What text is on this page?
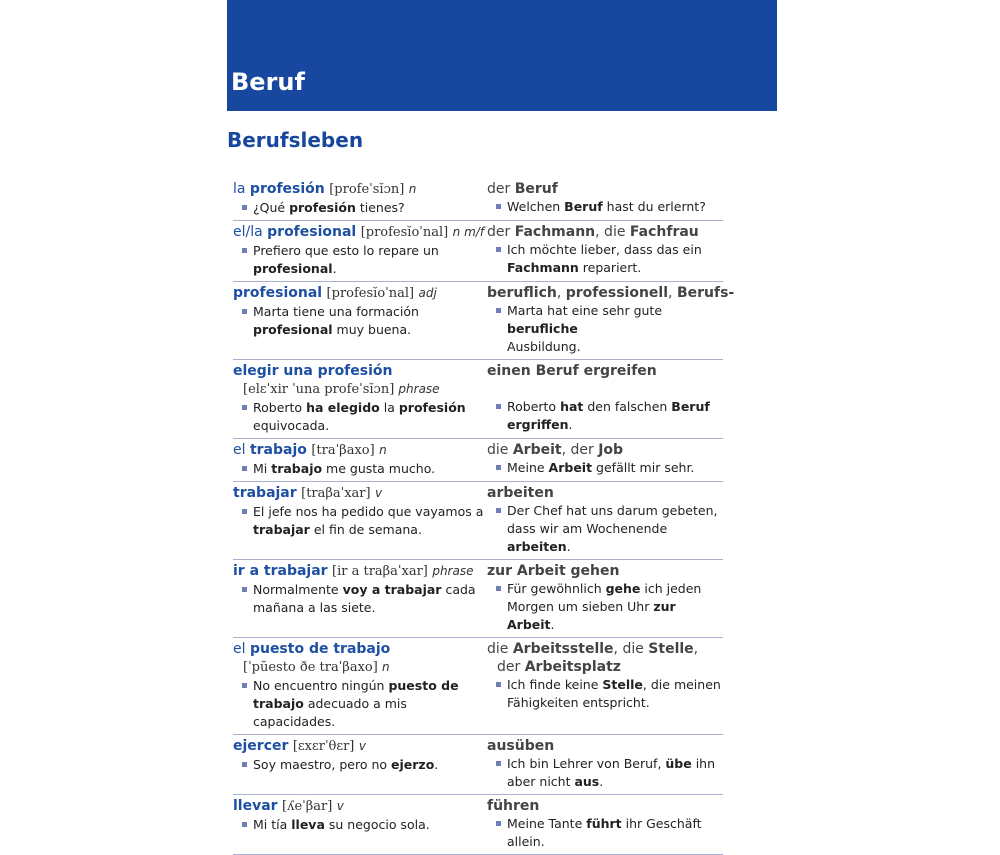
Beruf
Berufsleben
la profesión [profeˈsĭɔn] n
¿Qué profesión tienes?
der Beruf
Welchen Beruf hast du erlernt?
el/la profesional [profesĭoˈnal] n m/f
Prefiero que esto lo repare un
profesional.
der Fachmann, die Fachfrau
Ich möchte lieber, dass das ein
Fachmann repariert.
profesional [profesĭoˈnal] adj
Marta tiene una formación
profesional muy buena.
beruflich, professionell, Berufs-
Marta hat eine sehr gute berufliche
Ausbildung.
elegir una profesión
[elɛˈxir ˈuna profeˈsĭɔn] phrase
Roberto ha elegido la profesión
equivocada.
einen Beruf ergreifen
Roberto hat den falschen Beruf
ergriffen.
el trabajo [traˈβaxo] n
Mi trabajo me gusta mucho.
die Arbeit, der Job
Meine Arbeit gefällt mir sehr.
trabajar [traβaˈxar] v
El jefe nos ha pedido que vayamos a
trabajar el fin de semana.
arbeiten
Der Chef hat uns darum gebeten,
dass wir am Wochenende arbeiten.
ir a trabajar [ir a traβaˈxar] phrase
Normalmente voy a trabajar cada
mañana a las siete.
zur Arbeit gehen
Für gewöhnlich gehe ich jeden
Morgen um sieben Uhr zur Arbeit.
el puesto de trabajo
[ˈpŭesto ðe traˈβaxo] n
No encuentro ningún puesto de
trabajo adecuado a mis
capacidades.
die Arbeitsstelle, die Stelle,
der Arbeitsplatz
Ich finde keine Stelle, die meinen
Fähigkeiten entspricht.
ejercer [ɛxɛrˈθɛr] v
Soy maestro, pero no ejerzo.
ausüben
Ich bin Lehrer von Beruf, übe ihn
aber nicht aus.
llevar [ʎeˈβar] v
Mi tía lleva su negocio sola.
führen
Meine Tante führt ihr Geschäft
allein.
